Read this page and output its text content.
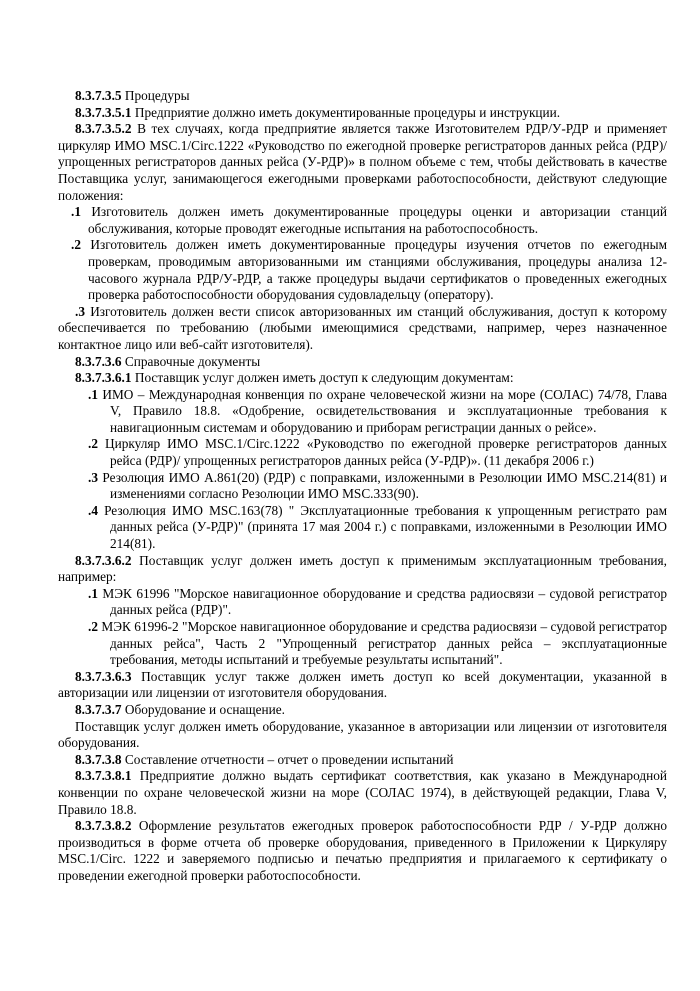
8.3.7.3.5 Процедуры

8.3.7.3.5.1 Предприятие должно иметь документированные процедуры и инструкции.

8.3.7.3.5.2 В тех случаях, когда предприятие является также Изготовителем РДР/У-РДР и применяет циркуляр ИМО MSC.1/Circ.1222 «Руководство по ежегодной проверке регистраторов данных рейса (РДР)/ упрощенных регистраторов данных рейса (У-РДР)» в полном объеме с тем, чтобы действовать в качестве Поставщика услуг, занимающегося ежегодными проверками работоспособности, действуют следующие положения:

.1 Изготовитель должен иметь документированные процедуры оценки и авторизации станций обслуживания, которые проводят ежегодные испытания на работоспособность.

.2 Изготовитель должен иметь документированные процедуры изучения отчетов по ежегодным проверкам, проводимым авторизованными им станциями обслуживания, процедуры анализа 12-часового журнала РДР/У-РДР, а также процедуры выдачи сертификатов о проведенных ежегодных проверка работоспособности оборудования судовладельцу (оператору).

.3 Изготовитель должен вести список авторизованных им станций обслуживания, доступ к которому обеспечивается по требованию (любыми имеющимися средствами, например, через назначенное контактное лицо или веб-сайт изготовителя).

8.3.7.3.6 Справочные документы

8.3.7.3.6.1 Поставщик услуг должен иметь доступ к следующим документам:

.1 ИМО – Международная конвенция по охране человеческой жизни на море (СОЛАС) 74/78, Глава V, Правило 18.8. «Одобрение, освидетельствования и эксплуатационные требования к навигационным системам и оборудованию и приборам регистрации данных о рейсе».

.2 Циркуляр ИМО MSC.1/Circ.1222 «Руководство по ежегодной проверке регистраторов данных рейса (РДР)/ упрощенных регистраторов данных рейса (У-РДР)». (11 декабря 2006 г.)

.3 Резолюция ИМО A.861(20) (РДР) с поправками, изложенными в Резолюции ИМО MSC.214(81) и изменениями согласно Резолюции ИМО MSC.333(90).

.4 Резолюция ИМО MSC.163(78) " Эксплуатационные требования к упрощенным регистрато рам данных рейса (У-РДР)" (принята 17 мая 2004 г.) с поправками, изложенными в Резолюции ИМО 214(81).

8.3.7.3.6.2 Поставщик услуг должен иметь доступ к применимым эксплуатационным требования, например:

.1 МЭК 61996 "Морское навигационное оборудование и средства радиосвязи – судовой регистратор данных рейса (РДР)".

.2 МЭК 61996-2 "Морское навигационное оборудование и средства радиосвязи – судовой регистратор данных рейса", Часть 2 "Упрощенный регистратор данных рейса – эксплуатационные требования, методы испытаний и требуемые результаты испытаний".

8.3.7.3.6.3 Поставщик услуг также должен иметь доступ ко всей документации, указанной в авторизации или лицензии от изготовителя оборудования.

8.3.7.3.7 Оборудование и оснащение.

Поставщик услуг должен иметь оборудование, указанное в авторизации или лицензии от изготовителя оборудования.

8.3.7.3.8 Составление отчетности – отчет о проведении испытаний

8.3.7.3.8.1 Предприятие должно выдать сертификат соответствия, как указано в Международной конвенции по охране человеческой жизни на море (СОЛАС 1974), в действующей редакции, Глава V, Правило 18.8.

8.3.7.3.8.2 Оформление результатов ежегодных проверок работоспособности РДР / У-РДР должно производиться в форме отчета об проверке оборудования, приведенного в Приложении к Циркуляру MSC.1/Circ. 1222 и заверяемого подписью и печатью предприятия и прилагаемого к сертификату о проведении ежегодной проверки работоспособности.
